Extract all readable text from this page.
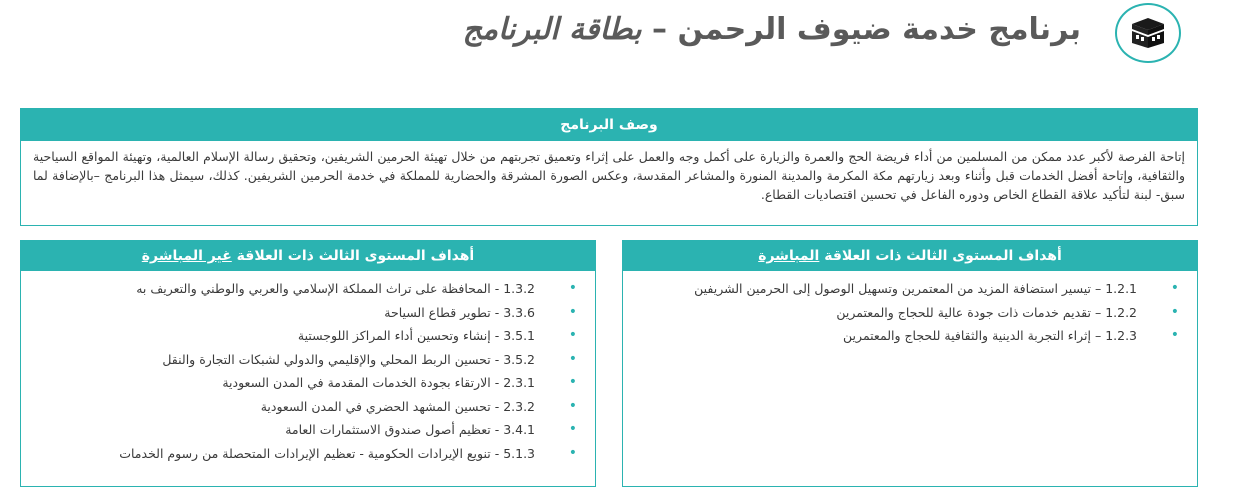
برنامج خدمة ضيوف الرحمن – بطاقة البرنامج
وصف البرنامج

إتاحة الفرصة لأكبر عدد ممكن من المسلمين من أداء فريضة الحج والعمرة والزيارة على أكمل وجه والعمل على إثراء وتعميق تجربتهم من خلال تهيئة الحرمين الشريفين، وتحقيق رسالة الإسلام العالمية، وتهيئة المواقع السياحية والثقافية، وإتاحة أفضل الخدمات قبل وأثناء وبعد زيارتهم مكة المكرمة والمدينة المنورة والمشاعر المقدسة، وعكس الصورة المشرقة والحضارية للمملكة في خدمة الحرمين الشريفين. كذلك، سيمثل هذا البرنامج –بالإضافة لما سبق- لبنة لتأكيد علاقة القطاع الخاص ودوره الفاعل في تحسين اقتصاديات القطاع.

أهداف المستوى الثالث ذات العلاقة المباشرة
• 1.2.1 – تيسير استضافة المزيد من المعتمرين وتسهيل الوصول إلى الحرمين الشريفين
• 1.2.2 – تقديم خدمات ذات جودة عالية للحجاج والمعتمرين
• 1.2.3 – إثراء التجربة الدينية والثقافية للحجاج والمعتمرين
أهداف المستوى الثالث ذات العلاقة غير المباشرة
• 1.3.2 - المحافظة على تراث المملكة الإسلامي والعربي والوطني والتعريف به
• 3.3.6 - تطوير قطاع السياحة
• 3.5.1 - إنشاء وتحسين أداء المراكز اللوجستية
• 3.5.2 - تحسين الربط المحلي والإقليمي والدولي لشبكات التجارة والنقل
• 2.3.1 - الارتقاء بجودة الخدمات المقدمة في المدن السعودية
• 2.3.2 - تحسين المشهد الحضري في المدن السعودية
• 3.4.1 - تعظيم أصول صندوق الاستثمارات العامة
• 5.1.3 - تنويع الإيرادات الحكومية - تعظيم الإيرادات المتحصلة من رسوم الخدمات
